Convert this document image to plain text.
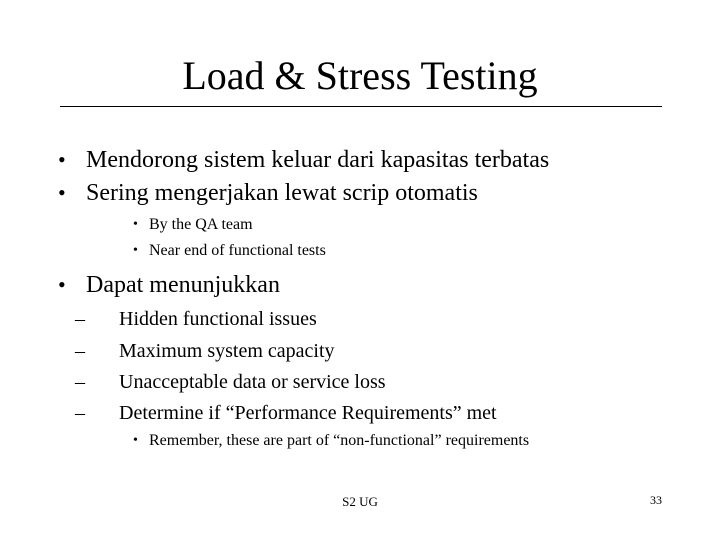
Load & Stress Testing
• Mendorong sistem keluar dari kapasitas terbatas
• Sering mengerjakan lewat scrip otomatis
• By the QA team
• Near end of functional tests
• Dapat menunjukkan
– Hidden functional issues
– Maximum system capacity
– Unacceptable data or service loss
– Determine if “Performance Requirements” met
• Remember, these are part of “non-functional” requirements
S2 UG	33
